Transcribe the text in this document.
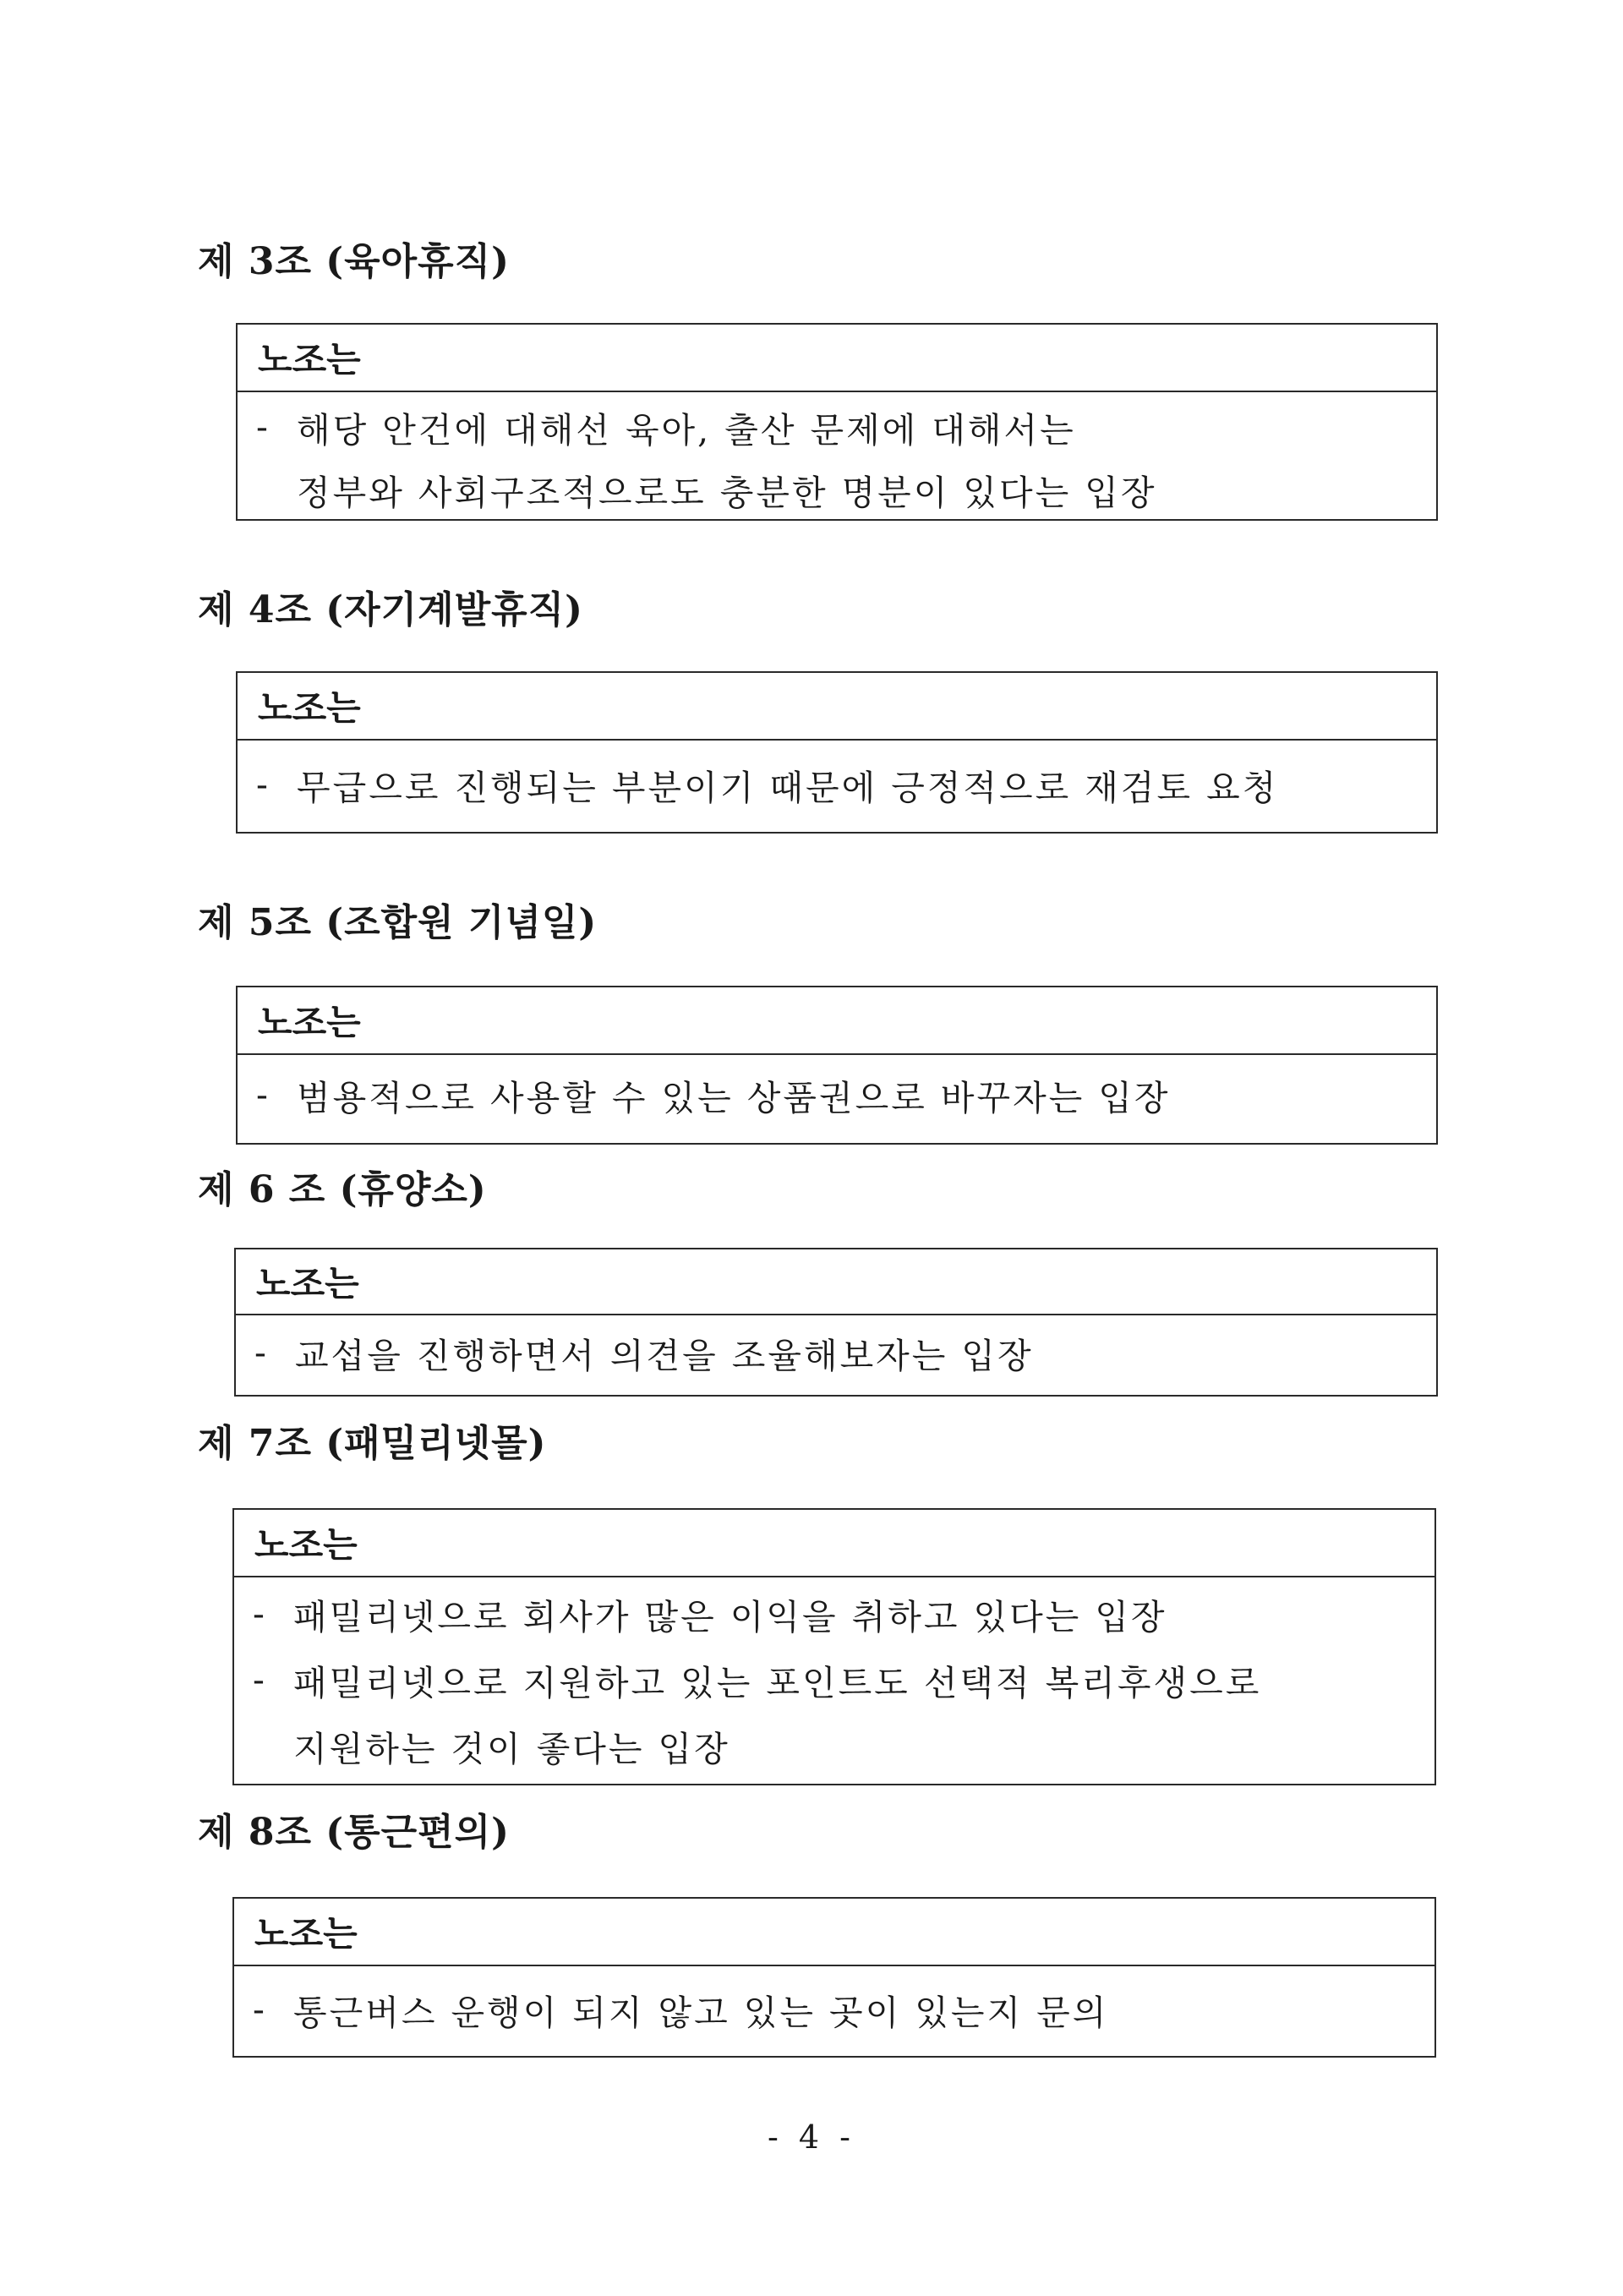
제 3조 (육아휴직)
노조는
- 해당 안건에 대해선 육아, 출산 문제에 대해서는
정부와 사회구조적으로도 충분한 명분이 있다는 입장
제 4조 (자기계발휴직)
노조는
- 무급으로 진행되는 부분이기 때문에 긍정적으로 재검토 요청
제 5조 (조합원 기념일)
노조는
- 범용적으로 사용할 수 있는 상품권으로 바꾸자는 입장
제 6 조 (휴양소)
노조는
- 교섭을 진행하면서 의견을 조율해보자는 입장
제 7조 (패밀리넷몰)
노조는
- 패밀리넷으로 회사가 많은 이익을 취하고 있다는 입장
- 패밀리넷으로 지원하고 있는 포인트도 선택적 복리후생으로
지원하는 것이 좋다는 입장
제 8조 (통근편의)
노조는
- 통근버스 운행이 되지 않고 있는 곳이 있는지 문의
- 4 -
